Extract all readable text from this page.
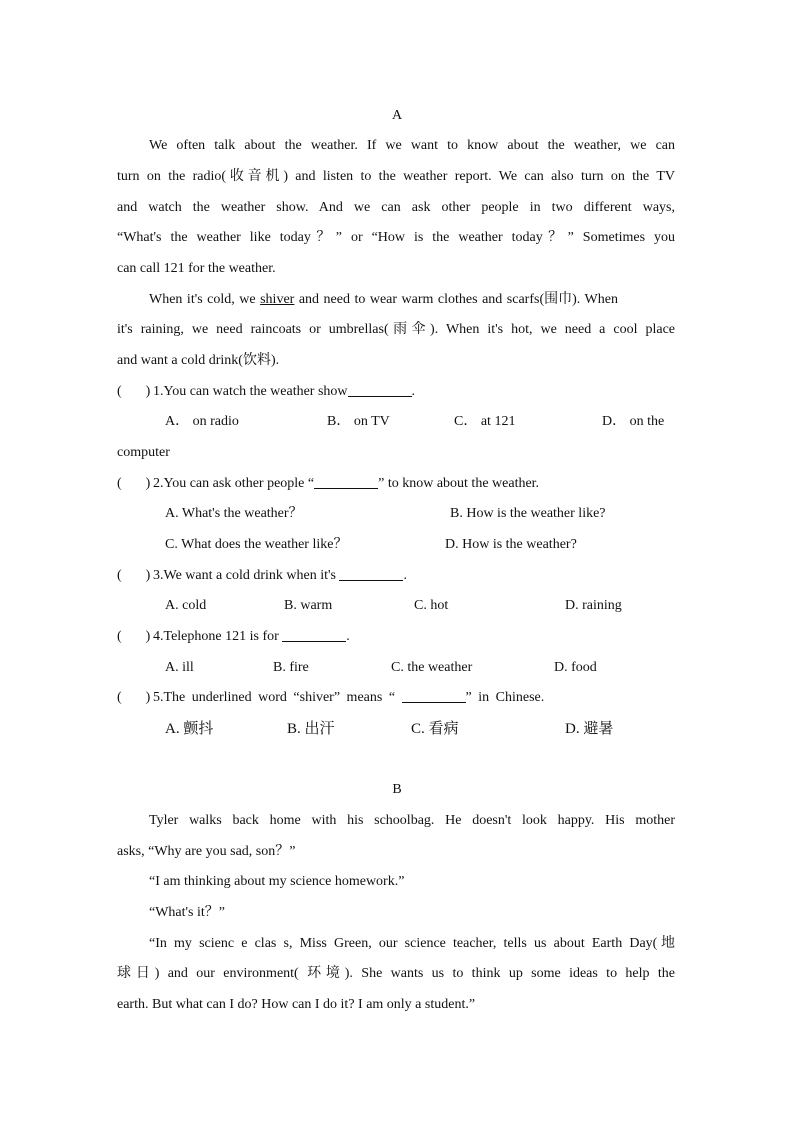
A
We often talk about the weather. If we want to know about the weather, we can
turn on the radio(收音机) and listen to the weather report. We can also turn on the TV
and watch the weather show. And we can ask other people in two different ways,
“What's the weather like today？” or “How is the weather today？” Sometimes you
can call 121 for the weather.
When it's cold, we shiver and need to wear warm clothes and scarfs(围巾). When
it's raining, we need raincoats or umbrellas(雨伞). When it's hot, we need a cool place
and want a cold drink(饮料).
( ) 1.You can watch the weather show	.
A． on radio	B． on TV	C． at 121	D． on the
computer
( ) 2.You can ask other people “	” to know about the weather.
A. What's the weather？	B. How is the weather like?
C. What does the weather like？	D. How is the weather?
( ) 3.We want a cold drink when it's	.
A. cold	B. warm	C. hot	D. raining
( ) 4.Telephone 121 is for	.
A. ill	B. fire	C. the weather	D. food
( ) 5.The underlined word “shiver” means “	” in Chinese.
A. 颤抖	B. 出汗	C. 看病	D. 避暑
B
Tyler walks back home with his schoolbag. He doesn't look happy. His mother
asks, “Why are you sad, son？”
“I am thinking about my science homework.”
“What's it？”
“In my scienc e clas s, Miss Green, our science teacher, tells us about Earth Day(地
球日) and our environment( 环境). She wants us to think up some ideas to help the
earth. But what can I do? How can I do it? I am only a student.”
